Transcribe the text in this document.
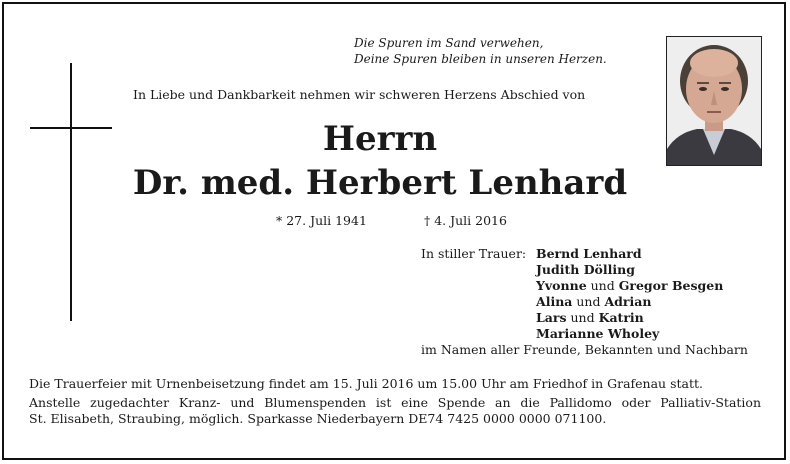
Die Spuren im Sand verwehen,
Deine Spuren bleiben in unseren Herzen.
In Liebe und Dankbarkeit nehmen wir schweren Herzens Abschied von
Herrn
Dr. med. Herbert Lenhard
* 27. Juli 1941	† 4. Juli 2016
In stiller Trauer: Bernd Lenhard
Judith Dölling
Yvonne und Gregor Besgen
Alina und Adrian
Lars und Katrin
Marianne Wholey
im Namen aller Freunde, Bekannten und Nachbarn
Die Trauerfeier mit Urnenbeisetzung findet am 15. Juli 2016 um 15.00 Uhr am Friedhof in Grafenau statt.
Anstelle zugedachter Kranz- und Blumenspenden ist eine Spende an die Pallidomo oder Palliativ-Station
St. Elisabeth, Straubing, möglich. Sparkasse Niederbayern DE74 7425 0000 0000 071100.
